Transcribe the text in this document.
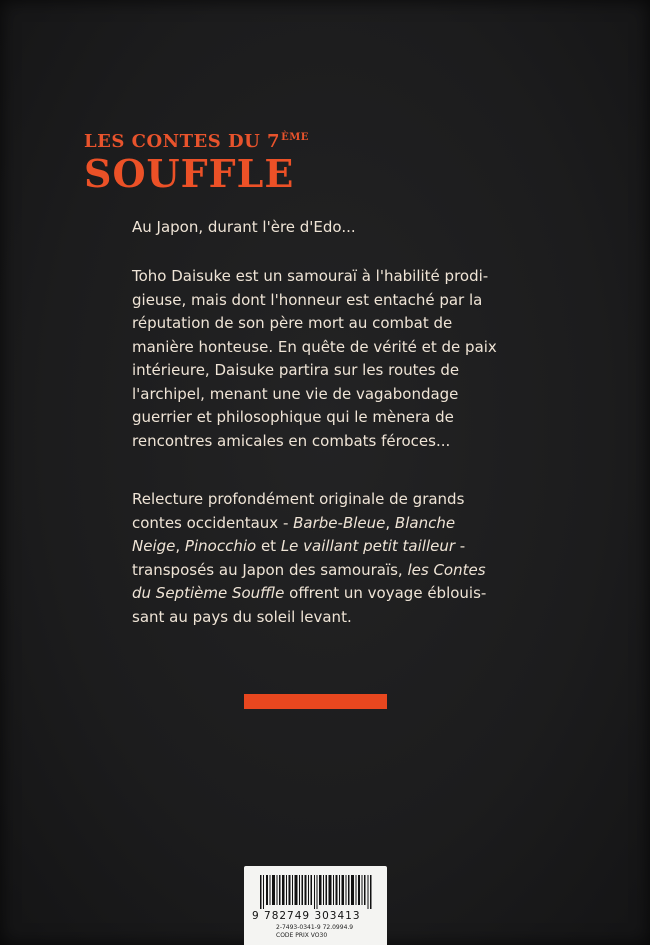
LES CONTES DU 7ÈME
SOUFFLE
Au Japon, durant l'ère d'Edo...
Toho Daisuke est un samouraï à l'habilité prodi-
gieuse, mais dont l'honneur est entaché par la
réputation de son père mort au combat de
manière honteuse. En quête de vérité et de paix
intérieure, Daisuke partira sur les routes de
l'archipel, menant une vie de vagabondage
guerrier et philosophique qui le mènera de
rencontres amicales en combats féroces...
Relecture profondément originale de grands
contes occidentaux - Barbe-Bleue, Blanche
Neige, Pinocchio et Le vaillant petit tailleur -
transposés au Japon des samouraïs, les Contes
du Septième Souffle offrent un voyage éblouis-
sant au pays du soleil levant.
9 782749 303413
2-7493-0341-9 72.0994.9
CODE PRIX VO30
